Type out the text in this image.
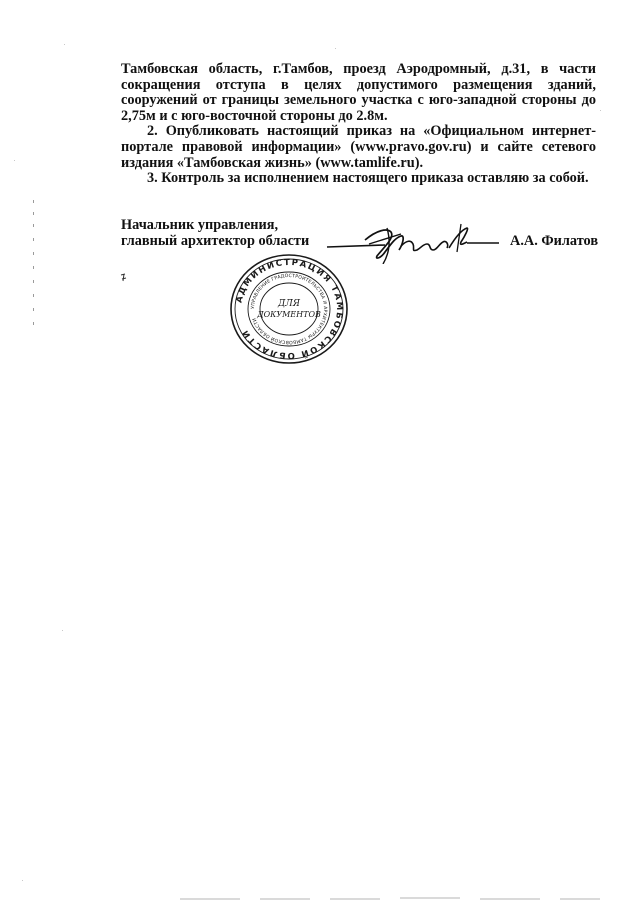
Тамбовская область, г.Тамбов, проезд Аэродромный, д.31, в части сокращения отступа в целях допустимого размещения зданий, сооружений от границы земельного участка с юго-западной стороны до 2,75м и с юго-восточной стороны до 2.8м.

2. Опубликовать настоящий приказ на «Официальном интернет-портале правовой информации» (www.pravo.gov.ru) и сайте сетевого издания «Тамбовская жизнь» (www.tamlife.ru).

3. Контроль за исполнением настоящего приказа оставляю за собой.

Начальник управления,
главный архитектор области	А.А. Филатов
АДМИНИСТРАЦИЯ ТАМБОВСКОЙ ОБЛАСТИ
УПРАВЛЕНИЕ ГРАДОСТРОИТЕЛЬСТВА И АРХИТЕКТУРЫ ТАМБОВСКОЙ ОБЛАСТИ
ДЛЯ
ДОКУМЕНТОВ
